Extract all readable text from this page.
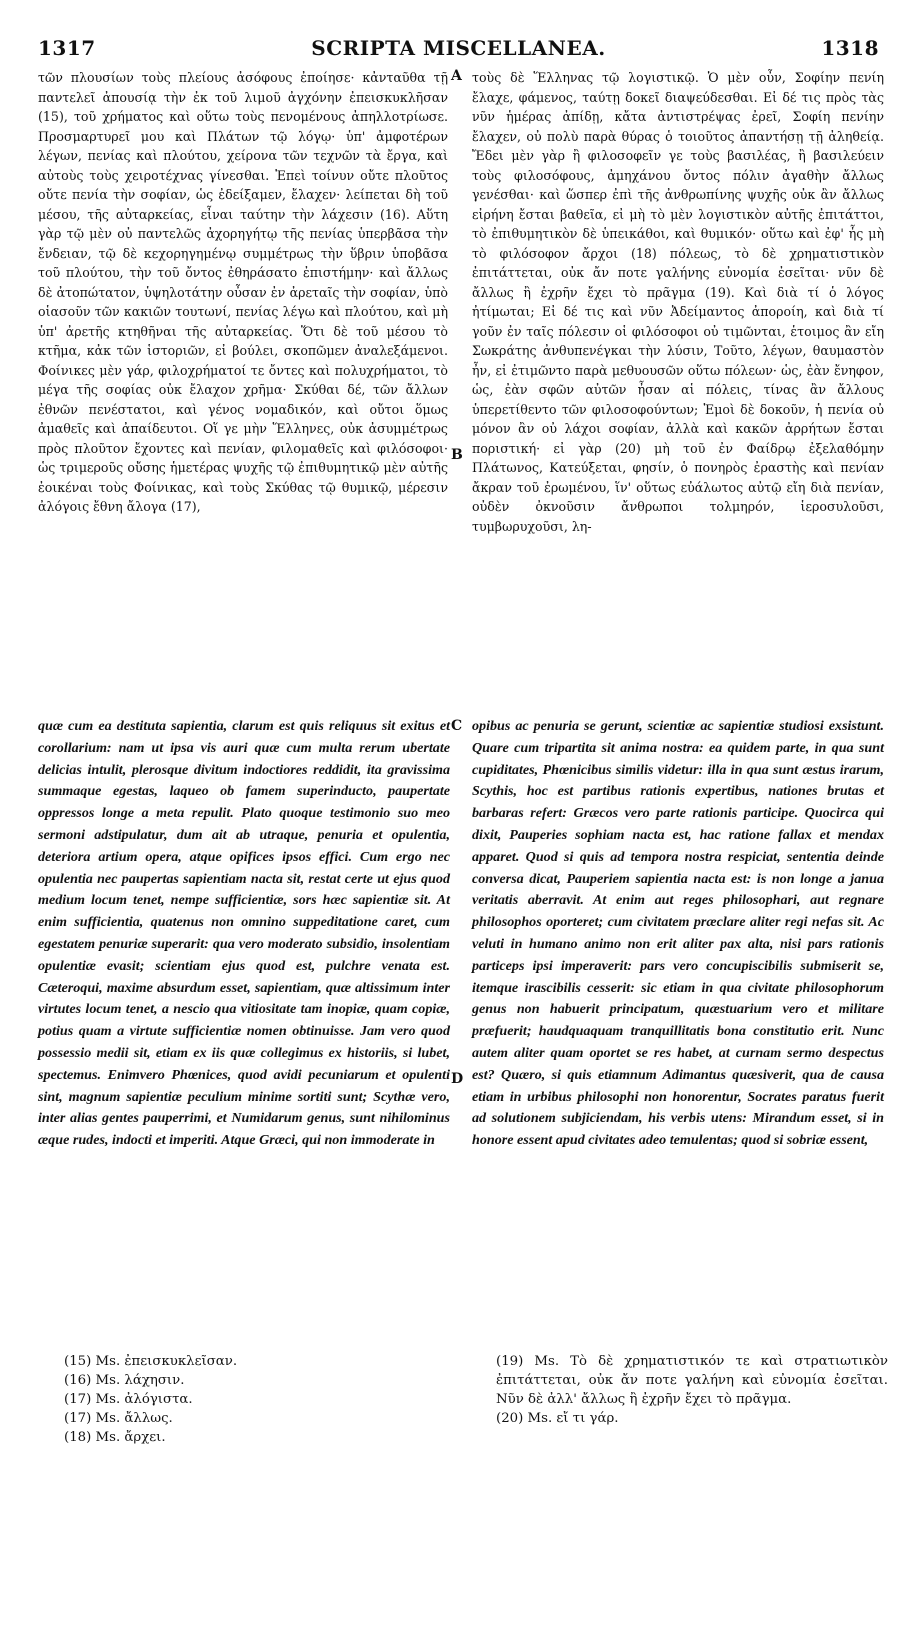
1317	SCRIPTA MISCELLANEA.	1318
τῶν πλουσίων τοὺς πλείους ἀσόφους ἐποίησε· κἀνταῦθα τῇ παντελεῖ ἀπουσίᾳ τὴν ἐκ τοῦ λιμοῦ ἀγχόνην ἐπεισκυκλῆσαν (15), τοῦ χρήματος καὶ οὕτω τοὺς πενομένους ἀπηλλοτρίωσε. Προσμαρτυρεῖ μου καὶ Πλάτων τῷ λόγῳ· ὑπ' ἀμφοτέρων λέγων, πενίας καὶ πλούτου, χείρονα τῶν τεχνῶν τὰ ἔργα, καὶ αὐτοὺς τοὺς χειροτέχνας γίνεσθαι. Ἐπεὶ τοίνυν οὔτε πλοῦτος οὔτε πενία τὴν σοφίαν, ὡς ἐδείξαμεν, ἔλαχεν· λείπεται δὴ τοῦ μέσου, τῆς αὐταρκείας, εἶναι ταύτην τὴν λάχεσιν (16). Αὕτη γὰρ τῷ μὲν οὐ παντελῶς ἀχορηγήτῳ τῆς πενίας ὑπερβᾶσα τὴν ἔνδειαν, τῷ δὲ κεχορηγημένῳ συμμέτρως τὴν ὕβριν ὑποβᾶσα τοῦ πλούτου, τὴν τοῦ ὄντος ἐθηράσατο ἐπιστήμην· καὶ ἄλλως δὲ ἀτοπώτατον, ὑψηλοτάτην οὖσαν ἐν ἀρεταῖς τὴν σοφίαν, ὑπὸ οἱασοῦν τῶν κακιῶν τουτωνί, πενίας λέγω καὶ πλούτου, καὶ μὴ ὑπ' ἀρετῆς κτηθῆναι τῆς αὐταρκείας. Ὅτι δὲ τοῦ μέσου τὸ κτῆμα, κἀκ τῶν ἱστοριῶν, εἰ βούλει, σκοπῶμεν ἀναλεξάμενοι. Φοίνικες μὲν γάρ, φιλοχρήματοί τε ὄντες καὶ πολυχρήματοι, τὸ μέγα τῆς σοφίας οὐκ ἔλαχον χρῆμα· Σκύθαι δέ, τῶν ἄλλων ἐθνῶν πενέστατοι, καὶ γένος νομαδικόν, καὶ οὔτοι ὅμως ἀμαθεῖς καὶ ἀπαίδευτοι. Οἵ γε μὴν Ἕλληνες, οὐκ ἀσυμμέτρως πρὸς πλοῦτον ἔχοντες καὶ πενίαν, φιλομαθεῖς καὶ φιλόσοφοι· ὡς τριμεροῦς οὔσης ἡμετέρας ψυχῆς τῷ ἐπιθυμητικῷ μὲν αὐτῆς ἐοικέναι τοὺς Φοίνικας, καὶ τοὺς Σκύθας τῷ θυμικῷ, μέρεσιν ἀλόγοις ἔθνη ἄλογα (17),
A
B
τοὺς δὲ Ἕλληνας τῷ λογιστικῷ. Ὁ μὲν οὖν, Σοφίην πενίη ἔλαχε, φάμενος, ταύτῃ δοκεῖ διαψεύδεσθαι. Εἰ δέ τις πρὸς τὰς νῦν ἡμέρας ἀπίδῃ, κἄτα ἀντιστρέψας ἐρεῖ, Σοφίη πενίην ἔλαχεν, οὐ πολὺ παρὰ θύρας ὁ τοιοῦτος ἀπαντήσῃ τῇ ἀληθείᾳ. Ἔδει μὲν γὰρ ἢ φιλοσοφεῖν γε τοὺς βασιλέας, ἢ βασιλεύειν τοὺς φιλοσόφους, ἀμηχάνου ὄντος πόλιν ἀγαθὴν ἄλλως γενέσθαι· καὶ ὥσπερ ἐπὶ τῆς ἀνθρωπίνης ψυχῆς οὐκ ἂν ἄλλως εἰρήνη ἔσται βαθεῖα, εἰ μὴ τὸ μὲν λογιστικὸν αὐτῆς ἐπιτάττοι, τὸ ἐπιθυμητικὸν δὲ ὑπεικάθοι, καὶ θυμικόν· οὕτω καὶ ἐφ' ἧς μὴ τὸ φιλόσοφον ἄρχοι (18) πόλεως, τὸ δὲ χρηματιστικὸν ἐπιτάττεται, οὐκ ἄν ποτε γαλήνης εὐνομία ἐσεῖται· νῦν δὲ ἄλλως ἢ ἐχρῆν ἔχει τὸ πρᾶγμα (19). Καὶ διὰ τί ὁ λόγος ἠτίμωται; Εἰ δέ τις καὶ νῦν Ἀδείμαντος ἀποροίη, καὶ διὰ τί γοῦν ἐν ταῖς πόλεσιν οἱ φιλόσοφοι οὐ τιμῶνται, ἑτοιμος ἂν εἴη Σωκράτης ἀνθυπενέγκαι τὴν λύσιν, Τοῦτο, λέγων, θαυμαστὸν ἦν, εἰ ἐτιμῶντο παρὰ μεθυουσῶν οὕτω πόλεων· ὡς, ἐὰν ἔνηφον, ὡς, ἐὰν σφῶν αὐτῶν ἦσαν αἱ πόλεις, τίνας ἂν ἄλλους ὑπερετίθεντο τῶν φιλοσοφούντων; Ἐμοὶ δὲ δοκοῦν, ἡ πενία οὐ μόνον ἂν οὐ λάχοι σοφίαν, ἀλλὰ καὶ κακῶν ἀρρήτων ἔσται ποριστική· εἰ γὰρ (20) μὴ τοῦ ἐν Φαίδρῳ ἐξελαθόμην Πλάτωνος, Κατεύξεται, φησίν, ὁ πονηρὸς ἐραστὴς καὶ πενίαν ἄκραν τοῦ ἐρωμένου, ἵν' οὕτως εὐάλωτος αὐτῷ εἴη διὰ πενίαν, οὐδὲν ὀκνοῦσιν ἄνθρωποι τολμηρόν, ἱεροσυλοῦσι, τυμβωρυχοῦσι, λη-
quæ cum ea destituta sapientia, clarum est quis reliquus sit exitus et corollarium: nam ut ipsa vis auri quæ cum multa rerum ubertate delicias intulit, plerosque divitum indoctiores reddidit, ita gravissima summaque egestas, laqueo ob famem superinducto, paupertate oppressos longe a meta repulit. Plato quoque testimonio suo meo sermoni adstipulatur, dum ait ab utraque, penuria et opulentia, deteriora artium opera, atque opifices ipsos effici. Cum ergo nec opulentia nec paupertas sapientiam nacta sit, restat certe ut ejus quod medium locum tenet, nempe sufficientiæ, sors hæc sapientiæ sit. At enim sufficientia, quatenus non omnino suppeditatione caret, cum egestatem penuriæ superarit: qua vero moderato subsidio, insolentiam opulentiæ evasit; scientiam ejus quod est, pulchre venata est. Cæteroqui, maxime absurdum esset, sapientiam, quæ altissimum inter virtutes locum tenet, a nescio qua vitiositate tam inopiæ, quam copiæ, potius quam a virtute sufficientiæ nomen obtinuisse. Jam vero quod possessio medii sit, etiam ex iis quæ collegimus ex historiis, si lubet, spectemus. Enimvero Phœnices, quod avidi pecuniarum et opulenti sint, magnum sapientiæ peculium minime sortiti sunt; Scythæ vero, inter alias gentes pauperrimi, et Numidarum genus, sunt nihilominus æque rudes, indocti et imperiti. Atque Græci, qui non immoderate in
C
D
opibus ac penuria se gerunt, scientiæ ac sapientiæ studiosi exsistunt. Quare cum tripartita sit anima nostra: ea quidem parte, in qua sunt cupiditates, Phœnicibus similis videtur: illa in qua sunt æstus irarum, Scythis, hoc est partibus rationis expertibus, nationes brutas et barbaras refert: Græcos vero parte rationis participe. Quocirca qui dixit, Pauperies sophiam nacta est, hac ratione fallax et mendax apparet. Quod si quis ad tempora nostra respiciat, sententia deinde conversa dicat, Pauperiem sapientia nacta est: is non longe a janua veritatis aberravit. At enim aut reges philosophari, aut regnare philosophos oporteret; cum civitatem præclare aliter regi nefas sit. Ac veluti in humano animo non erit aliter pax alta, nisi pars rationis particeps ipsi imperaverit: pars vero concupiscibilis submiserit se, itemque irascibilis cesserit: sic etiam in qua civitate philosophorum genus non habuerit principatum, quæstuarium vero et militare præfuerit; haudquaquam tranquillitatis bona constitutio erit. Nunc autem aliter quam oportet se res habet, at curnam sermo despectus est? Quæro, si quis etiamnum Adimantus quæsiverit, qua de causa etiam in urbibus philosophi non honorentur, Socrates paratus fuerit ad solutionem subjiciendam, his verbis utens: Mirandum esset, si in honore essent apud civitates adeo temulentas; quod si sobriæ essent,
(15) Ms. ἐπεισκυκλεῖσαν.
(16) Ms. λάχησιν.
(17) Ms. ἀλόγιστα.
(17) Ms. ἄλλως.
(18) Ms. ἄρχει.
(19) Ms. Τὸ δὲ χρηματιστικόν τε καὶ στρατιωτικὸν ἐπιτάττεται, οὐκ ἄν ποτε γαλήνη καὶ εὐνομία ἐσεῖται. Νῦν δὲ ἀλλ' ἄλλως ἢ ἐχρῆν ἔχει τὸ πρᾶγμα.
(20) Ms. εἴ τι γάρ.
